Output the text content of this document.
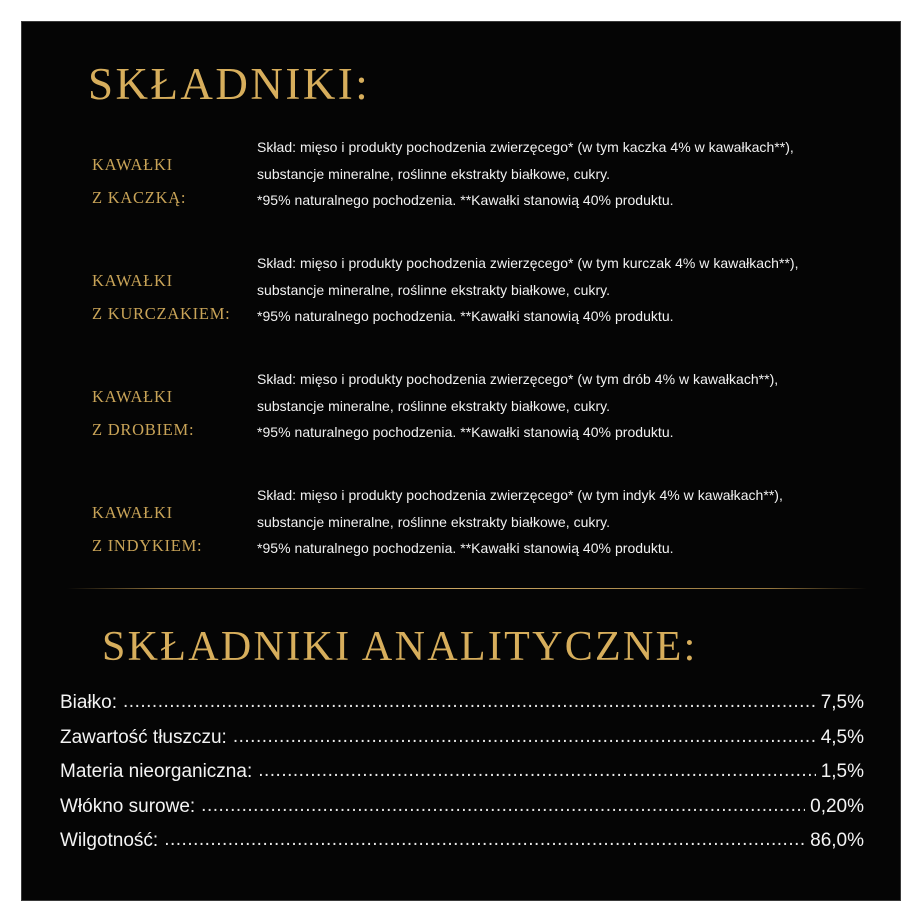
SKŁADNIKI:
KAWAŁKI
Z KACZKĄ:
Skład: mięso i produkty pochodzenia zwierzęcego* (w tym kaczka 4% w kawałkach**),
substancje mineralne, roślinne ekstrakty białkowe, cukry.
*95% naturalnego pochodzenia. **Kawałki stanowią 40% produktu.
KAWAŁKI
Z KURCZAKIEM:
Skład: mięso i produkty pochodzenia zwierzęcego* (w tym kurczak 4% w kawałkach**),
substancje mineralne, roślinne ekstrakty białkowe, cukry.
*95% naturalnego pochodzenia. **Kawałki stanowią 40% produktu.
KAWAŁKI
Z DROBIEM:
Skład: mięso i produkty pochodzenia zwierzęcego* (w tym drób 4% w kawałkach**),
substancje mineralne, roślinne ekstrakty białkowe, cukry.
*95% naturalnego pochodzenia. **Kawałki stanowią 40% produktu.
KAWAŁKI
Z INDYKIEM:
Skład: mięso i produkty pochodzenia zwierzęcego* (w tym indyk 4% w kawałkach**),
substancje mineralne, roślinne ekstrakty białkowe, cukry.
*95% naturalnego pochodzenia. **Kawałki stanowią 40% produktu.
SKŁADNIKI ANALITYCZNE:
Białko: .....	7,5%
Zawartość tłuszczu: .....	4,5%
Materia nieorganiczna: .....	1,5%
Włókno surowe: .....	0,20%
Wilgotność: .....	86,0%
